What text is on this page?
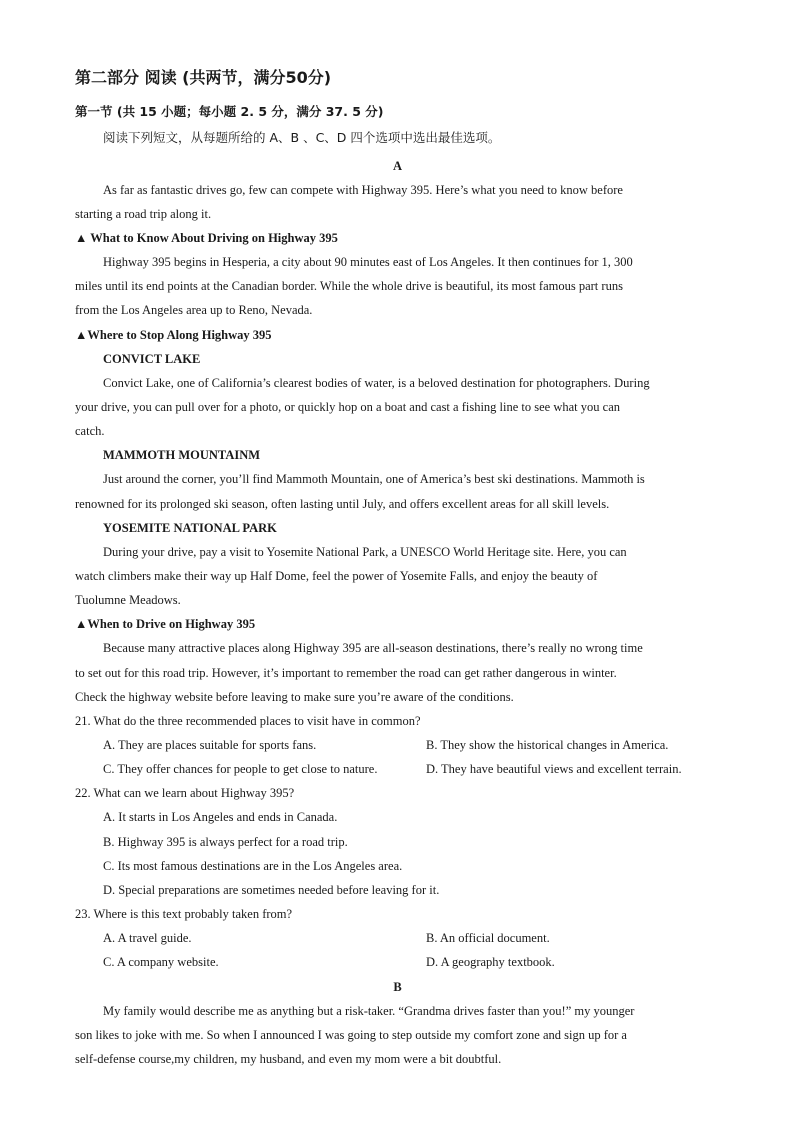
第二部分 阅读 (共两节，满分50分)
第一节 (共 15 小题；每小题 2. 5 分，满分 37. 5 分)
阅读下列短文，从每题所给的 A、B 、C、D 四个选项中选出最佳选项。
A
As far as fantastic drives go, few can compete with Highway 395. Here’s what you need to know before
starting a road trip along it.
▲ What to Know About Driving on Highway 395
Highway 395 begins in Hesperia, a city about 90 minutes east of Los Angeles. It then continues for 1, 300
miles until its end points at the Canadian border. While the whole drive is beautiful, its most famous part runs
from the Los Angeles area up to Reno, Nevada.
▲Where to Stop Along Highway 395
CONVICT LAKE
Convict Lake, one of California’s clearest bodies of water, is a beloved destination for photographers. During
your drive, you can pull over for a photo, or quickly hop on a boat and cast a fishing line to see what you can
catch.
MAMMOTH MOUNTAINM
Just around the corner, you’ll find Mammoth Mountain, one of America’s best ski destinations. Mammoth is
renowned for its prolonged ski season, often lasting until July, and offers excellent areas for all skill levels.
YOSEMITE NATIONAL PARK
During your drive, pay a visit to Yosemite National Park, a UNESCO World Heritage site. Here, you can
watch climbers make their way up Half Dome, feel the power of Yosemite Falls, and enjoy the beauty of
Tuolumne Meadows.
▲When to Drive on Highway 395
Because many attractive places along Highway 395 are all-season destinations, there’s really no wrong time
to set out for this road trip. However, it’s important to remember the road can get rather dangerous in winter.
Check the highway website before leaving to make sure you’re aware of the conditions.
21. What do the three recommended places to visit have in common?
A. They are places suitable for sports fans.	B. They show the historical changes in America.
C. They offer chances for people to get close to nature.	D. They have beautiful views and excellent terrain.
22. What can we learn about Highway 395?
A. It starts in Los Angeles and ends in Canada.
B. Highway 395 is always perfect for a road trip.
C. Its most famous destinations are in the Los Angeles area.
D. Special preparations are sometimes needed before leaving for it.
23. Where is this text probably taken from?
A. A travel guide.	B. An official document.
C. A company website.	D. A geography textbook.
B
My family would describe me as anything but a risk-taker. “Grandma drives faster than you!” my younger
son likes to joke with me. So when I announced I was going to step outside my comfort zone and sign up for a
self-defense course,my children, my husband, and even my mom were a bit doubtful.
